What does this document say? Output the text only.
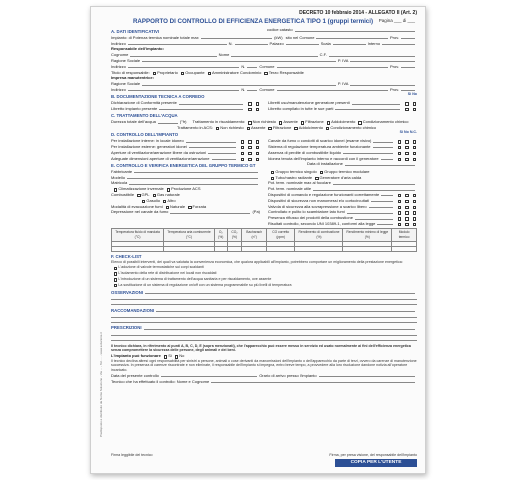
Predisposto e distribuito da Nome Soluzione - Via ... - Tel. ... - www.soluzione.it
DECRETO 10 febbraio 2014 - ALLEGATO II (Art. 2)
RAPPORTO DI CONTROLLO DI EFFICIENZA ENERGETICA TIPO 1 (gruppi termici)	Pagina ___ di ___
A. DATI IDENTIFICATIVI	codice catasto
Impianto: di Potenza termica nominale totale max	(kW) sito nel Comune	Prov.
Indirizzo	N.	Palazzo	Scala	Interno
Responsabile dell'impianto:
Cognome	Nome	C.F.
Ragione Sociale	P. IVA
Indirizzo	N.	Comune	Prov.
Titolo di responsabile: Proprietario Occupante Amministratore Condominio Terzo Responsabile
Impresa manutentrice:
Ragione Sociale	P. IVA
Indirizzo	N.	Comune	Prov.
B. DOCUMENTAZIONE TECNICA A CORREDO	Si No
Dichiarazione di Conformità presente
Libretto impianto presente
Libretti uso/manutenzione generatore presenti
Libretto compilato in tutte le sue parti
C. TRATTAMENTO DELL'ACQUA
Durezza totale dell'acqua	(°fr) Trattamento in riscaldamento: Non richiesto Assente Filtrazione Addolcimento Condizionamento chimico
Trattamento in ACS: Non richiesto Assente Filtrazione Addolcimento Condizionamento chimico
D. CONTROLLO DELL'IMPIANTO	Si No N.C.
Per installazione interne: in locale idoneo
Per installazione esterne: generatori idonei
Aperture di ventilazione/aerazione libere da ostruzioni
Adeguate dimensioni aperture di ventilazione/aerazione
Canale da fumo o condotti di scarico idonei (esame visivo)
Sistema di regolazione temperatura ambiente funzionante
Assenza di perdite di combustibile liquido
Idonea tenuta dell'impianto interno e raccordi con il generatore
E. CONTROLLO E VERIFICA ENERGETICA DEL GRUPPO TERMICO GT	Data di installazione
Fabbricante
Modello
Matricola
Gruppo termico singolo Gruppo termico modulare
Tubo/nastro radiante Generatore d'aria calda
Pot. term. nominale max al focolare
Climatizzazione invernale Produzione ACS
Combustibile GPL Gas naturale
Gasolio Altro
Modalità di evacuazione fumi Naturale Forzata
Depressione nel canale da fumo	(Pa)
Pot. term. nominale utile
Dispositivi di comando e regolazione funzionanti correttamente
Dispositivi di sicurezza non manomessi e/o cortocircuitati
Valvola di sicurezza alla sovrapressione a scarico libero
Controllato e pulito lo scambiatore lato fumi
Presenza riflusso dei prodotti della combustione
Risultati controllo, secondo UNI 10389-1, conformi alla legge
Temperatura fluido di mandata (°C)	Temperatura aria comburente (°C)	O₂ (%)	CO₂ (%)	Bacharach (n°)	CO corretto (ppm)	Rendimento di combustione (%)	Rendimento minimo di legge (%)	Modulo termico

F. CHECK-LIST
Elenco di possibili interventi, dei quali va valutata la convenienza economica, che qualora applicabili all'impianto, potrebbero comportare un miglioramento della prestazione energetica:
L'adozione di valvole termostatiche sui corpi scaldanti
L'isolamento della rete di distribuzione nei locali non riscaldati
L'introduzione di un sistema di trattamento dell'acqua sanitaria e per riscaldamento, ove assente
La sostituzione di un sistema di regolazione on/off con un sistema programmabile su più livelli di temperatura
OSSERVAZIONI
RACCOMANDAZIONI
PRESCRIZIONI
Il tecnico dichiara, in riferimento ai punti A, B, C, D, E (sopra menzionati), che l'apparecchio può essere messo in servizio ed usato normalmente ai fini dell'efficienza energetica senza compromettere la sicurezza delle persone, degli animali e dei beni.
L'impianto può funzionare Si No
Il tecnico declina altresì ogni responsabilità per sinistri a persone, animali o cose derivanti da manomissioni dell'impianto o dell'apparecchio da parte di terzi, ovvero da carenze di manutenzione successiva. In presenza di carenze riscontrate e non eliminate, il responsabile dell'impianto si impegna, entro breve tempo, a provvedere alla loro risoluzione dandone notizia all'operatore incaricato.
Data del presente controllo	Orario di arrivo presso l'impianto
Tecnico che ha effettuato il controllo: Nome e Cognome
Firma leggibile del tecnico	Firma, per presa visione, del responsabile dell'impianto
COPIA PER L'UTENTE
